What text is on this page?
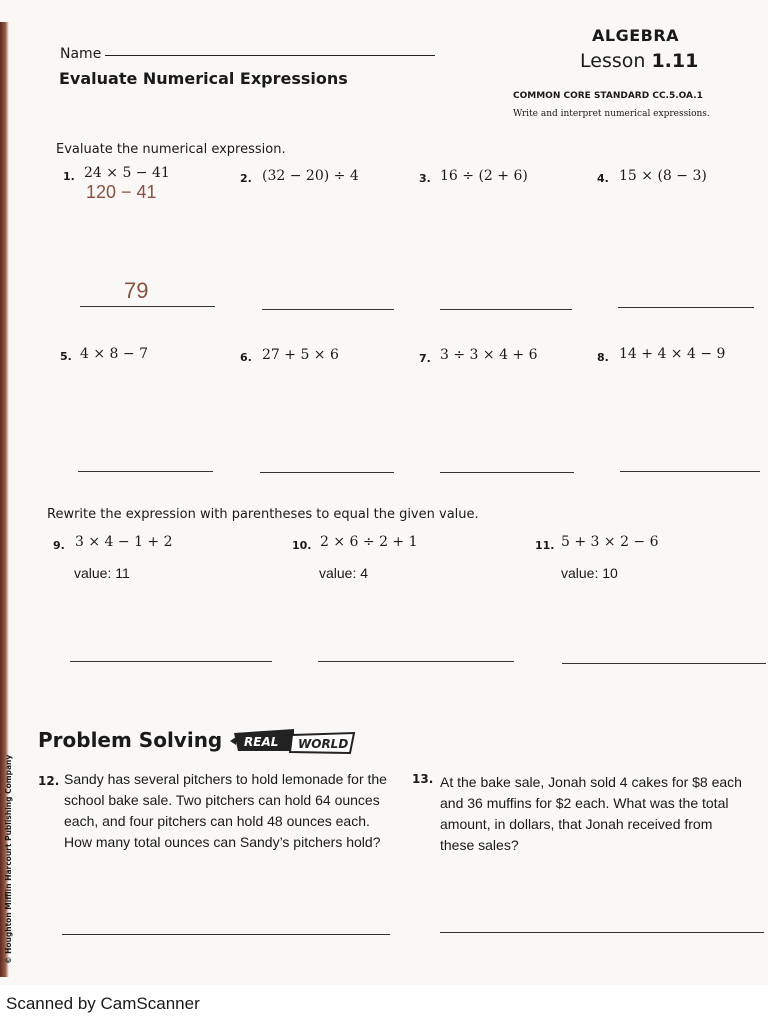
Name
Evaluate Numerical Expressions
ALGEBRA
Lesson 1.11
COMMON CORE STANDARD CC.5.OA.1
Write and interpret numerical expressions.
Evaluate the numerical expression.
1. 24 × 5 − 41
120 − 41
79
2. (32 − 20) ÷ 4	3. 16 ÷ (2 + 6)	4. 15 × (8 − 3)
5. 4 × 8 − 7	6. 27 + 5 × 6	7. 3 ÷ 3 × 4 + 6	8. 14 + 4 × 4 − 9
Rewrite the expression with parentheses to equal the given value.
9. 3 × 4 − 1 + 2
value: 11
10. 2 × 6 ÷ 2 + 1
value: 4
11. 5 + 3 × 2 − 6
value: 10
Problem Solving REAL WORLD
12. Sandy has several pitchers to hold lemonade for the school bake sale. Two pitchers can hold 64 ounces each, and four pitchers can hold 48 ounces each. How many total ounces can Sandy’s pitchers hold?
13. At the bake sale, Jonah sold 4 cakes for $8 each and 36 muffins for $2 each. What was the total amount, in dollars, that Jonah received from these sales?
© Houghton Mifflin Harcourt Publishing Company
Scanned by CamScanner
